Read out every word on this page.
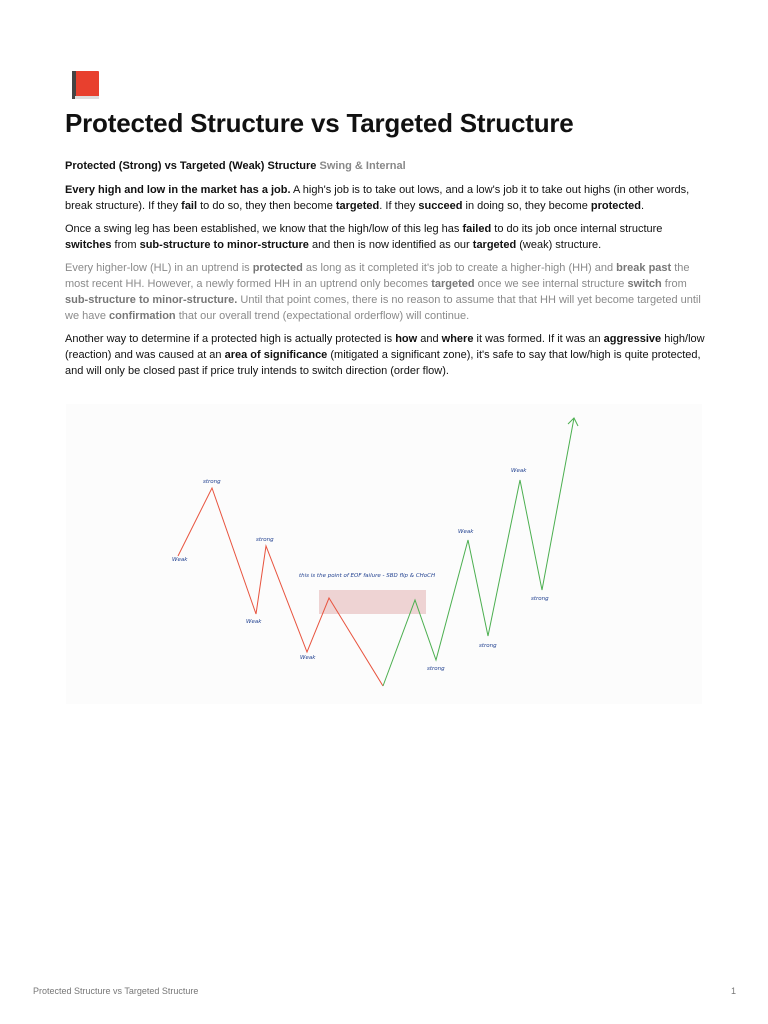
Protected Structure vs Targeted Structure

Protected (Strong) vs Targeted (Weak) Structure Swing & Internal

Every high and low in the market has a job. A high's job is to take out lows, and a low's job it to take out highs (in other words, break structure). If they fail to do so, they then become targeted. If they succeed in doing so, they become protected.

Once a swing leg has been established, we know that the high/low of this leg has failed to do its job once internal structure switches from sub-structure to minor-structure and then is now identified as our targeted (weak) structure.

Every higher-low (HL) in an uptrend is protected as long as it completed it's job to create a higher-high (HH) and break past the most recent HH. However, a newly formed HH in an uptrend only becomes targeted once we see internal structure switch from sub-structure to minor-structure. Until that point comes, there is no reason to assume that that HH will yet become targeted until we have confirmation that our overall trend (expectational orderflow) will continue.

Another way to determine if a protected high is actually protected is how and where it was formed. If it was an aggressive high/low (reaction) and was caused at an area of significance (mitigated a significant zone), it's safe to say that low/high is quite protected, and will only be closed past if price truly intends to switch direction (order flow).

Weak
strong
Weak
strong
Weak
this is the point of EOF failure - SBD flip & CHoCH
strong
Weak
strong
Weak
strong
Protected Structure vs Targeted Structure	1
